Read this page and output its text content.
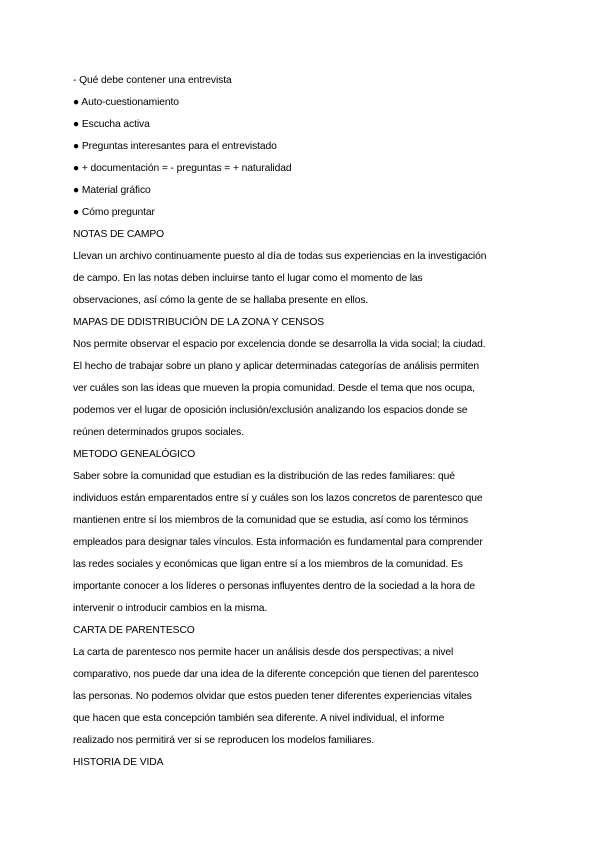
- Qué debe contener una entrevista
● Auto-cuestionamiento
● Escucha activa
● Preguntas interesantes para el entrevistado
● + documentación = - preguntas = + naturalidad
● Material gráfico
● Cómo preguntar
NOTAS DE CAMPO
Llevan un archivo continuamente puesto al día de todas sus experiencias en la investigación
de campo. En las notas deben incluirse tanto el lugar como el momento de las
observaciones, así cómo la gente de se hallaba presente en ellos.
MAPAS DE DDISTRIBUCIÓN DE LA ZONA Y CENSOS
Nos permite observar el espacio por excelencia donde se desarrolla la vida social; la ciudad.
El hecho de trabajar sobre un plano y aplicar determinadas categorías de análisis permiten
ver cuáles son las ideas que mueven la propia comunidad. Desde el tema que nos ocupa,
podemos ver el lugar de oposición inclusión/exclusión analizando los espacios donde se
reúnen determinados grupos sociales.
METODO GENEALÓGICO
Saber sobre la comunidad que estudian es la distribución de las redes familiares: qué
individuos están emparentados entre sí y cuáles son los lazos concretos de parentesco que
mantienen entre sí los miembros de la comunidad que se estudia, así como los términos
empleados para designar tales vínculos. Esta información es fundamental para comprender
las redes sociales y económicas que ligan entre sí a los miembros de la comunidad. Es
importante conocer a los líderes o personas influyentes dentro de la sociedad a la hora de
intervenir o introducir cambios en la misma.
CARTA DE PARENTESCO
La carta de parentesco nos permite hacer un análisis desde dos perspectivas; a nivel
comparativo, nos puede dar una idea de la diferente concepción que tienen del parentesco
las personas. No podemos olvidar que estos pueden tener diferentes experiencias vitales
que hacen que esta concepción también sea diferente. A nivel individual, el informe
realizado nos permitirá ver si se reproducen los modelos familiares.
HISTORIA DE VIDA
